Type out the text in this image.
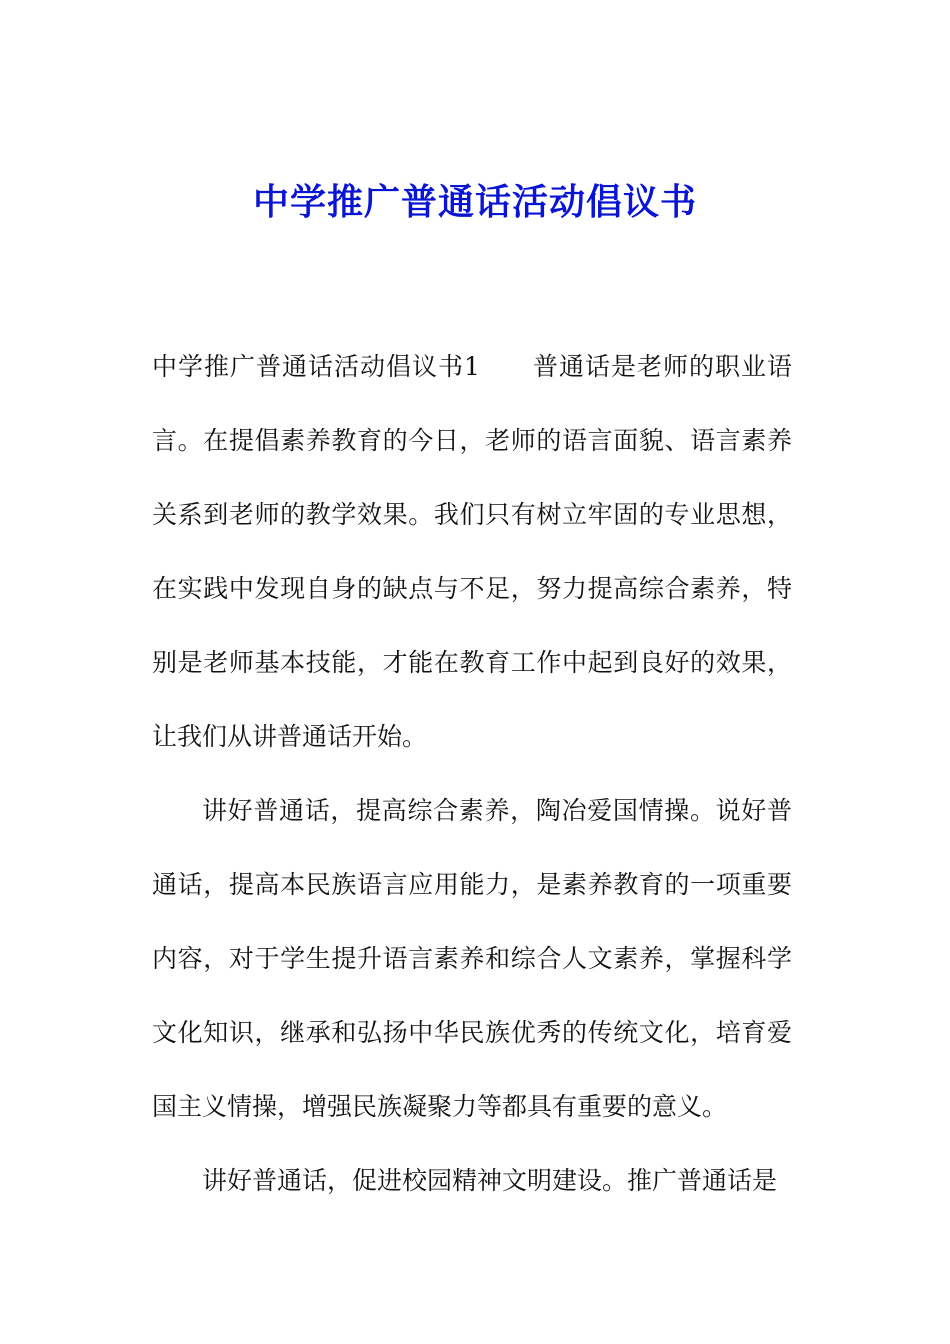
中学推广普通话活动倡议书

中学推广普通话活动倡议书1 普通话是老师的职业语言。在提倡素养教育的今日，老师的语言面貌、语言素养关系到老师的教学效果。我们只有树立牢固的专业思想，在实践中发现自身的缺点与不足，努力提高综合素养，特别是老师基本技能，才能在教育工作中起到良好的效果，让我们从讲普通话开始。

讲好普通话，提高综合素养，陶冶爱国情操。说好普通话，提高本民族语言应用能力，是素养教育的一项重要内容，对于学生提升语言素养和综合人文素养，掌握科学文化知识，继承和弘扬中华民族优秀的传统文化，培育爱国主义情操，增强民族凝聚力等都具有重要的意义。

讲好普通话，促进校园精神文明建设。推广普通话是
